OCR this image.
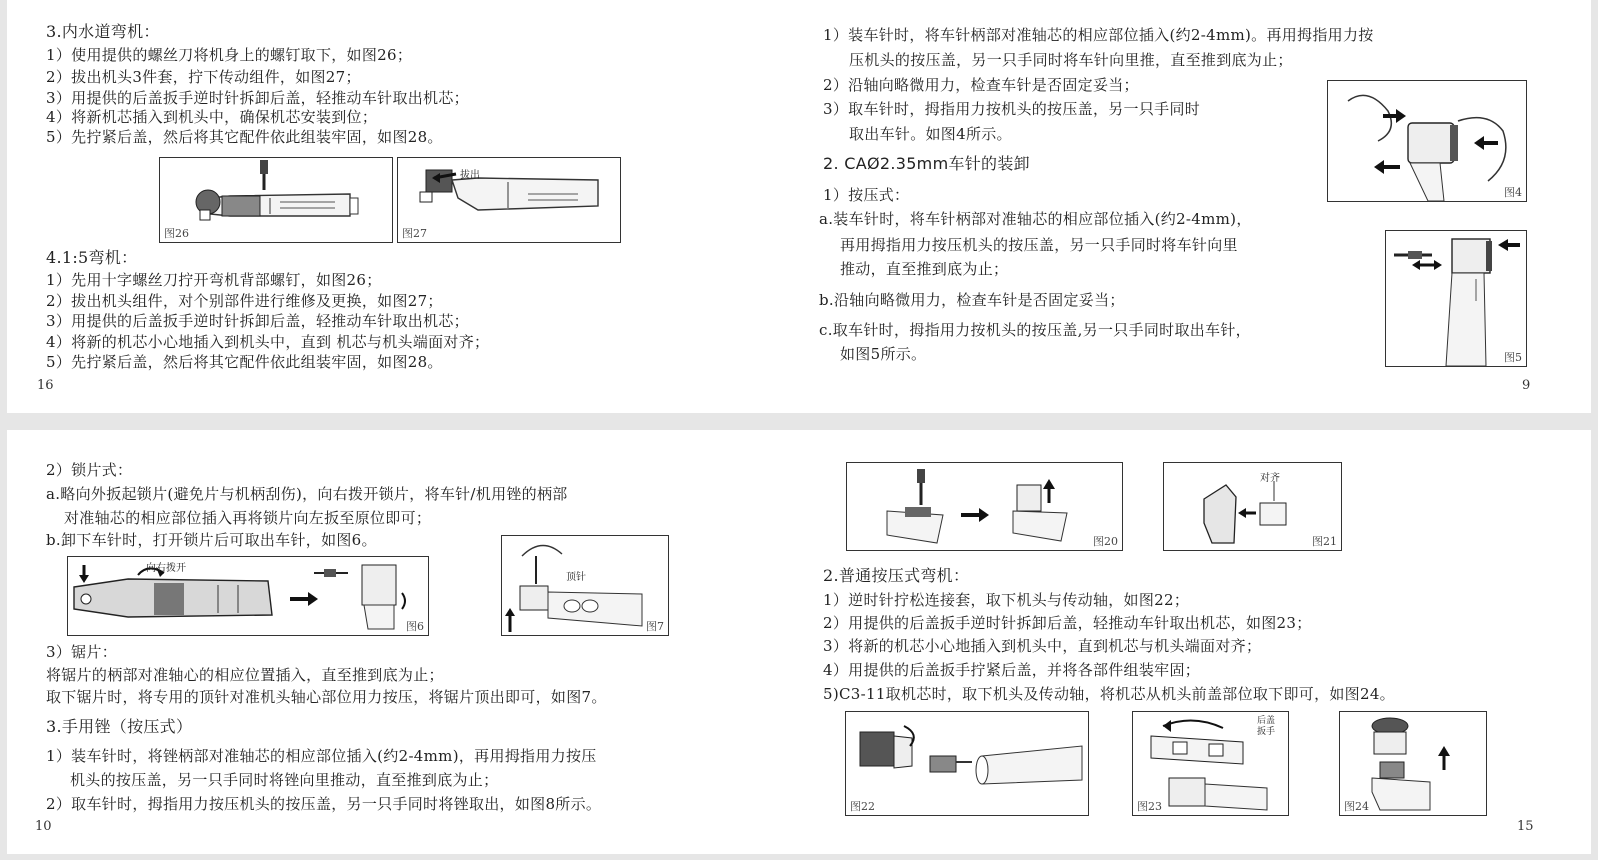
3.内水道弯机：
1）使用提供的螺丝刀将机身上的螺钉取下，如图26；
2）拔出机头3件套，拧下传动组件，如图27；
3）用提供的后盖扳手逆时针拆卸后盖，轻推动车针取出机芯；
4）将新机芯插入到机头中，确保机芯安装到位；
5）先拧紧后盖，然后将其它配件依此组装牢固，如图28。
图26
拔出
图27
4.1:5弯机：
1）先用十字螺丝刀拧开弯机背部螺钉，如图26；
2）拔出机头组件，对个别部件进行维修及更换，如图27；
3）用提供的后盖扳手逆时针拆卸后盖，轻推动车针取出机芯；
4）将新的机芯小心地插入到机头中，直到 机芯与机头端面对齐；
5）先拧紧后盖，然后将其它配件依此组装牢固，如图28。
16
1）装车针时，将车针柄部对准轴芯的相应部位插入(约2-4mm)。再用拇指用力按
压机头的按压盖，另一只手同时将车针向里推，直至推到底为止；
2）沿轴向略微用力，检查车针是否固定妥当；
3）取车针时，拇指用力按机头的按压盖，另一只手同时
取出车针。如图4所示。
图4
2. CAØ2.35mm车针的装卸
1）按压式：
a.装车针时，将车针柄部对准轴芯的相应部位插入(约2-4mm)，
再用拇指用力按压机头的按压盖，另一只手同时将车针向里
推动，直至推到底为止；
b.沿轴向略微用力，检查车针是否固定妥当；
c.取车针时，拇指用力按机头的按压盖,另一只手同时取出车针，
如图5所示。	图5
9
2）锁片式：
a.略向外扳起锁片(避免片与机柄刮伤)，向右拨开锁片，将车针/机用锉的柄部
对准轴芯的相应部位插入再将锁片向左扳至原位即可；
b.卸下车针时，打开锁片后可取出车针，如图6。
向右拨开
图6
顶针
图7
3）锯片：
将锯片的柄部对准轴心的相应位置插入，直至推到底为止；
取下锯片时，将专用的顶针对准机头轴心部位用力按压，将锯片顶出即可，如图7。
3.手用锉（按压式）
1）装车针时，将锉柄部对准轴芯的相应部位插入(约2-4mm)，再用拇指用力按压
机头的按压盖，另一只手同时将锉向里推动，直至推到底为止；
2）取车针时，拇指用力按压机头的按压盖，另一只手同时将锉取出，如图8所示。
10
图20
对齐
图21
2.普通按压式弯机：
1）逆时针拧松连接套，取下机头与传动轴，如图22；
2）用提供的后盖扳手逆时针拆卸后盖，轻推动车针取出机芯，如图23；
3）将新的机芯小心地插入到机头中，直到机芯与机头端面对齐；
4）用提供的后盖扳手拧紧后盖，并将各部件组装牢固；
5)C3-11取机芯时，取下机头及传动轴，将机芯从机头前盖部位取下即可，如图24。
图22
后盖扳手
图23	图24
15
